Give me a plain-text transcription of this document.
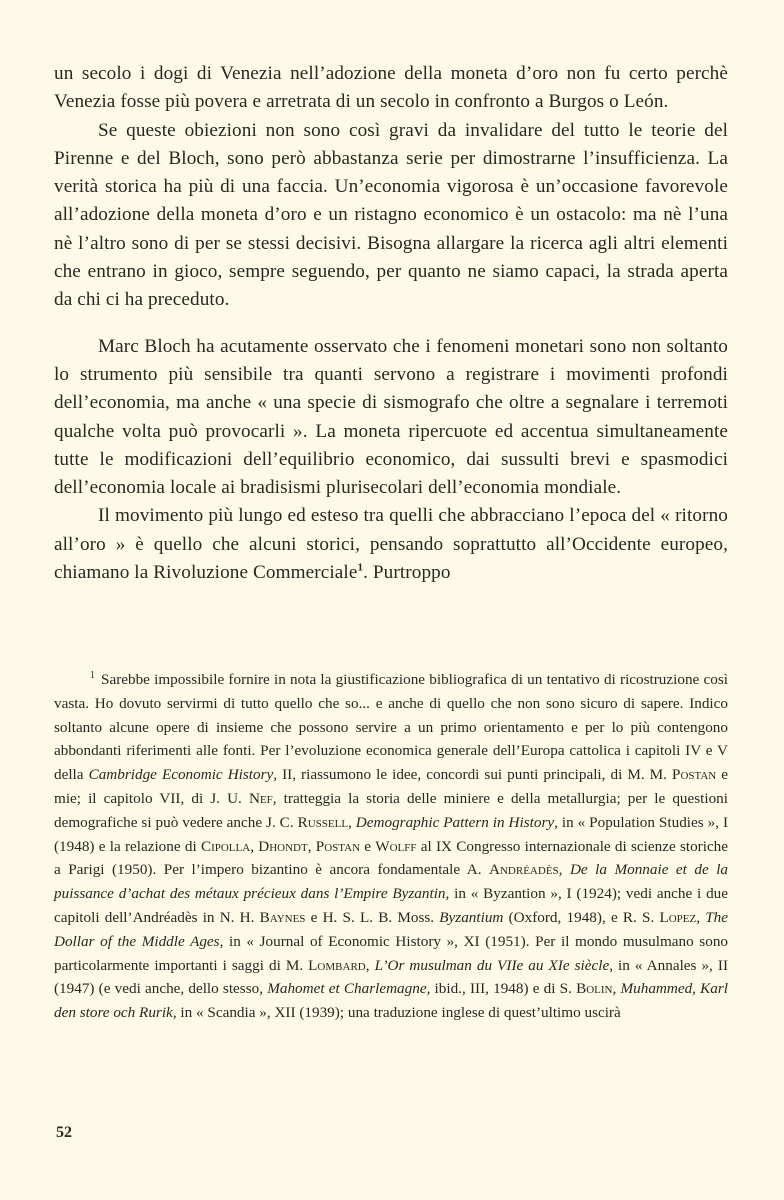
un secolo i dogi di Venezia nell’adozione della moneta d’oro non fu certo perchè Venezia fosse più povera e arretrata di un secolo in confronto a Burgos o León.

Se queste obiezioni non sono così gravi da invalidare del tutto le teorie del Pirenne e del Bloch, sono però abbastanza serie per dimostrarne l’insufficienza. La verità storica ha più di una faccia. Un’economia vigorosa è un’occasione favorevole all’adozione della moneta d’oro e un ristagno economico è un ostacolo: ma nè l’una nè l’altro sono di per se stessi decisivi. Bisogna allargare la ricerca agli altri elementi che entrano in gioco, sempre seguendo, per quanto ne siamo capaci, la strada aperta da chi ci ha preceduto.

Marc Bloch ha acutamente osservato che i fenomeni monetari sono non soltanto lo strumento più sensibile tra quanti servono a registrare i movimenti profondi dell’economia, ma anche « una specie di sismografo che oltre a segnalare i terremoti qualche volta può provocarli ». La moneta ripercuote ed accentua simultaneamente tutte le modificazioni dell’equilibrio economico, dai sussulti brevi e spasmodici dell’economia locale ai bradisismi plurisecolari dell’economia mondiale.

Il movimento più lungo ed esteso tra quelli che abbracciano l’epoca del « ritorno all’oro » è quello che alcuni storici, pensando soprattutto all’Occidente europeo, chiamano la Rivoluzione Commerciale$^1$. Purtroppo

$^1$ Sarebbe impossibile fornire in nota la giustificazione bibliografica di un tentativo di ricostruzione così vasta. Ho dovuto servirmi di tutto quello che so... e anche di quello che non sono sicuro di sapere. Indico soltanto alcune opere di insieme che possono servire a un primo orientamento e per lo più contengono abbondanti riferimenti alle fonti. Per l’evoluzione economica generale dell’Europa cattolica i capitoli IV e V della Cambridge Economic History, II, riassumono le idee, concordi sui punti principali, di M. M. Postan e mie; il capitolo VII, di J. U. Nef, tratteggia la storia delle miniere e della metallurgia; per le questioni demografiche si può vedere anche J. C. Russell, Demographic Pattern in History, in « Population Studies », I (1948) e la relazione di Cipolla, Dhondt, Postan e Wolff al IX Congresso internazionale di scienze storiche a Parigi (1950). Per l’impero bizantino è ancora fondamentale A. Andréadès, De la Monnaie et de la puissance d’achat des métaux précieux dans l’Empire Byzantin, in « Byzantion », I (1924); vedi anche i due capitoli dell’Andréadès in N. H. Baynes e H. S. L. B. Moss. Byzantium (Oxford, 1948), e R. S. Lopez, The Dollar of the Middle Ages, in « Journal of Economic History », XI (1951). Per il mondo musulmano sono particolarmente importanti i saggi di M. Lombard, L’Or musulman du VIIe au XIe siècle, in « Annales », II (1947) (e vedi anche, dello stesso, Mahomet et Charlemagne, ibid., III, 1948) e di S. Bolin, Muhammed, Karl den store och Rurik, in « Scandia », XII (1939); una traduzione inglese di quest’ultimo uscirà

52
